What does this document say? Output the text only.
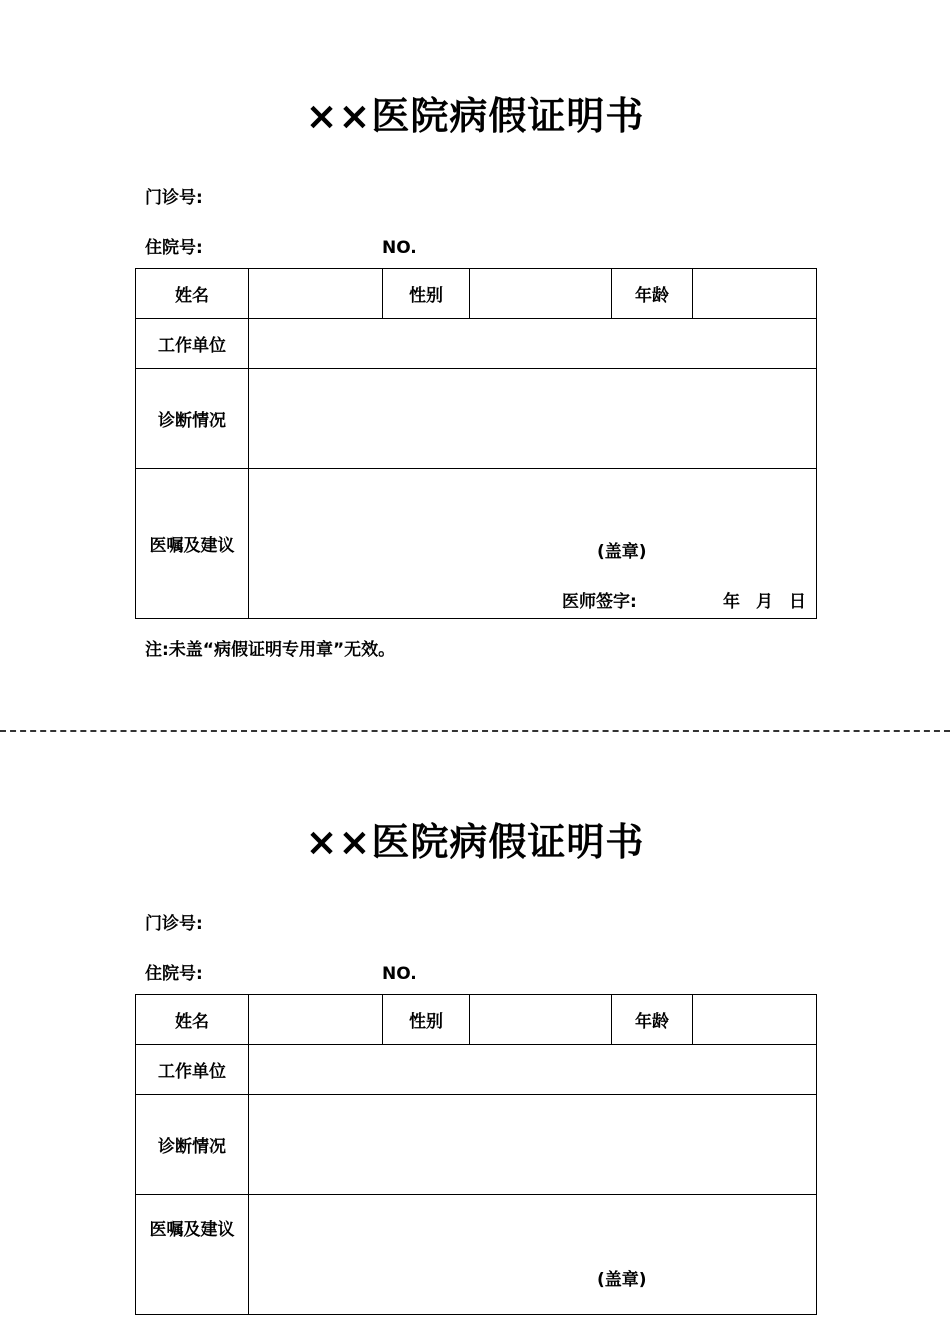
××医院病假证明书
门诊号:
住院号:	NO.
姓名		性别		年龄	
工作单位					
诊断情况					
医嘱及建议	(盖章)
医师签字: 年 月 日				
注:未盖“病假证明专用章”无效。
××医院病假证明书
门诊号:
住院号:	NO.
姓名		性别		年龄	
工作单位					
诊断情况					
医嘱及建议	(盖章)				
